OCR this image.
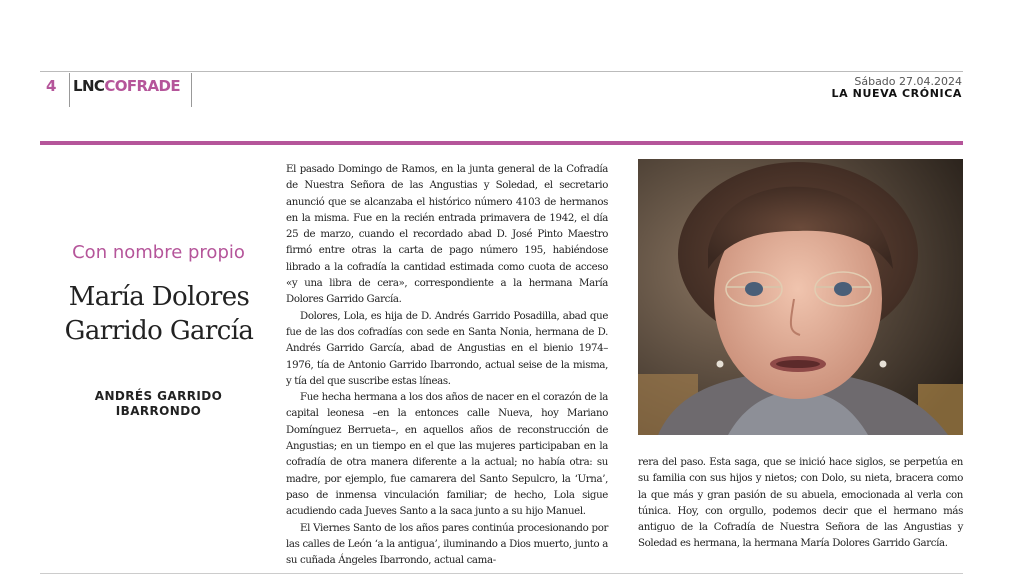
4 LNCCOFRADE	Sábado 27.04.2024
LA NUEVA CRÓNICA
Con nombre propio
María Dolores
Garrido García
ANDRÉS GARRIDO
IBARRONDO

El pasado Domingo de Ramos, en la junta general de la Cofradía de Nuestra Señora de las Angustias y Soledad, el secretario anunció que se alcanzaba el histórico número 4103 de hermanos en la misma. Fue en la recién entrada primavera de 1942, el día 25 de marzo, cuando el recordado abad D. José Pinto Maestro firmó entre otras la carta de pago número 195, habiéndose librado a la cofradía la cantidad estimada como cuota de acceso «y una libra de cera», correspondiente a la hermana María Dolores Garrido García.

Dolores, Lola, es hija de D. Andrés Garrido Posadilla, abad que fue de las dos cofradías con sede en Santa Nonia, hermana de D. Andrés Garrido García, abad de Angustias en el bienio 1974–1976, tía de Antonio Garrido Ibarrondo, actual seise de la misma, y tía del que suscribe estas líneas.

Fue hecha hermana a los dos años de nacer en el corazón de la capital leonesa –en la entonces calle Nueva, hoy Mariano Domínguez Berrueta–, en aquellos años de reconstrucción de Angustias; en un tiempo en el que las mujeres participaban en la cofradía de otra manera diferente a la actual; no había otra: su madre, por ejemplo, fue camarera del Santo Sepulcro, la ‘Urna’, paso de inmensa vinculación familiar; de hecho, Lola sigue acudiendo cada Jueves Santo a la saca junto a su hijo Manuel.

El Viernes Santo de los años pares continúa procesionando por las calles de León ‘a la antigua’, iluminando a Dios muerto, junto a su cuñada Ángeles Ibarrondo, actual cama-

rera del paso. Esta saga, que se inició hace siglos, se perpetúa en su familia con sus hijos y nietos; con Dolo, su nieta, bracera como la que más y gran pasión de su abuela, emocionada al verla con túnica. Hoy, con orgullo, podemos decir que el hermano más antiguo de la Cofradía de Nuestra Señora de las Angustias y Soledad es hermana, la hermana María Dolores Garrido García.
